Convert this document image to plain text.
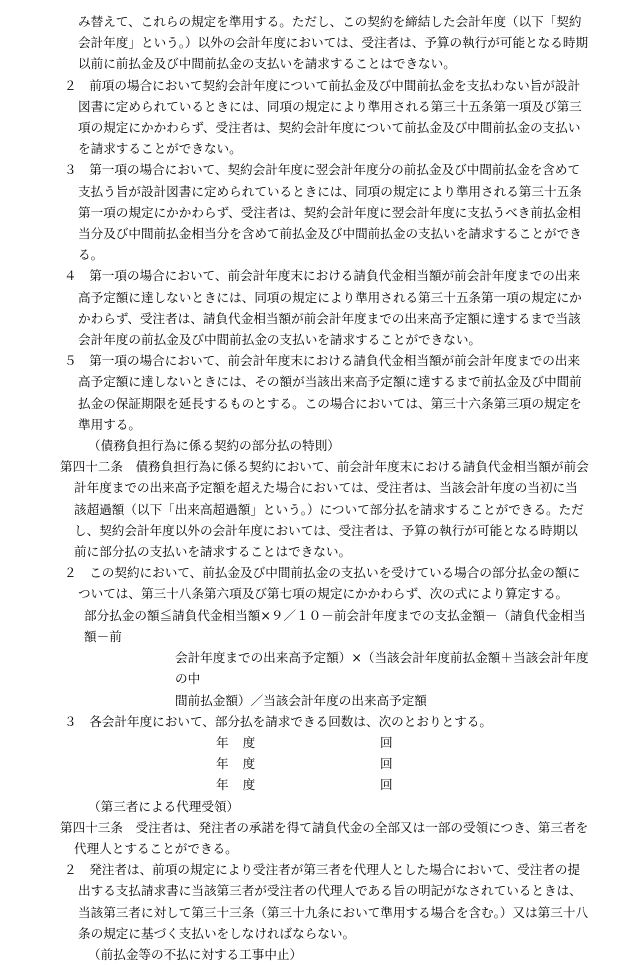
み替えて、これらの規定を準用する。ただし、この契約を締結した会計年度（以下「契約会計年度」という。）以外の会計年度においては、受注者は、予算の執行が可能となる時期以前に前払金及び中間前払金の支払いを請求することはできない。

２　前項の場合において契約会計年度について前払金及び中間前払金を支払わない旨が設計図書に定められているときには、同項の規定により準用される第三十五条第一項及び第三項の規定にかかわらず、受注者は、契約会計年度について前払金及び中間前払金の支払いを請求することができない。

３　第一項の場合において、契約会計年度に翌会計年度分の前払金及び中間前払金を含めて支払う旨が設計図書に定められているときには、同項の規定により準用される第三十五条第一項の規定にかかわらず、受注者は、契約会計年度に翌会計年度に支払うべき前払金相当分及び中間前払金相当分を含めて前払金及び中間前払金の支払いを請求することができる。

４　第一項の場合において、前会計年度末における請負代金相当額が前会計年度までの出来高予定額に達しないときには、同項の規定により準用される第三十五条第一項の規定にかかわらず、受注者は、請負代金相当額が前会計年度までの出来高予定額に達するまで当該会計年度の前払金及び中間前払金の支払いを請求することができない。

５　第一項の場合において、前会計年度末における請負代金相当額が前会計年度までの出来高予定額に達しないときには、その額が当該出来高予定額に達するまで前払金及び中間前払金の保証期限を延長するものとする。この場合においては、第三十六条第三項の規定を準用する。

（債務負担行為に係る契約の部分払の特則）

第四十二条　債務負担行為に係る契約において、前会計年度末における請負代金相当額が前会計年度までの出来高予定額を超えた場合においては、受注者は、当該会計年度の当初に当該超過額（以下「出来高超過額」という。）について部分払を請求することができる。ただし、契約会計年度以外の会計年度においては、受注者は、予算の執行が可能となる時期以前に部分払の支払いを請求することはできない。

２　この契約において、前払金及び中間前払金の支払いを受けている場合の部分払金の額については、第三十八条第六項及び第七項の規定にかかわらず、次の式により算定する。

部分払金の額≦請負代金相当額×９／１０－前会計年度までの支払金額－（請負代金相当額－前
会計年度までの出来高予定額）×（当該会計年度前払金額＋当該会計年度の中
間前払金額）／当該会計年度の出来高予定額

３　各会計年度において、部分払を請求できる回数は、次のとおりとする。

年度	回
年度	回
年度	回

（第三者による代理受領）

第四十三条　受注者は、発注者の承諾を得て請負代金の全部又は一部の受領につき、第三者を代理人とすることができる。

２　発注者は、前項の規定により受注者が第三者を代理人とした場合において、受注者の提出する支払請求書に当該第三者が受注者の代理人である旨の明記がなされているときは、当該第三者に対して第三十三条（第三十九条において準用する場合を含む。）又は第三十八条の規定に基づく支払いをしなければならない。

（前払金等の不払に対する工事中止）
